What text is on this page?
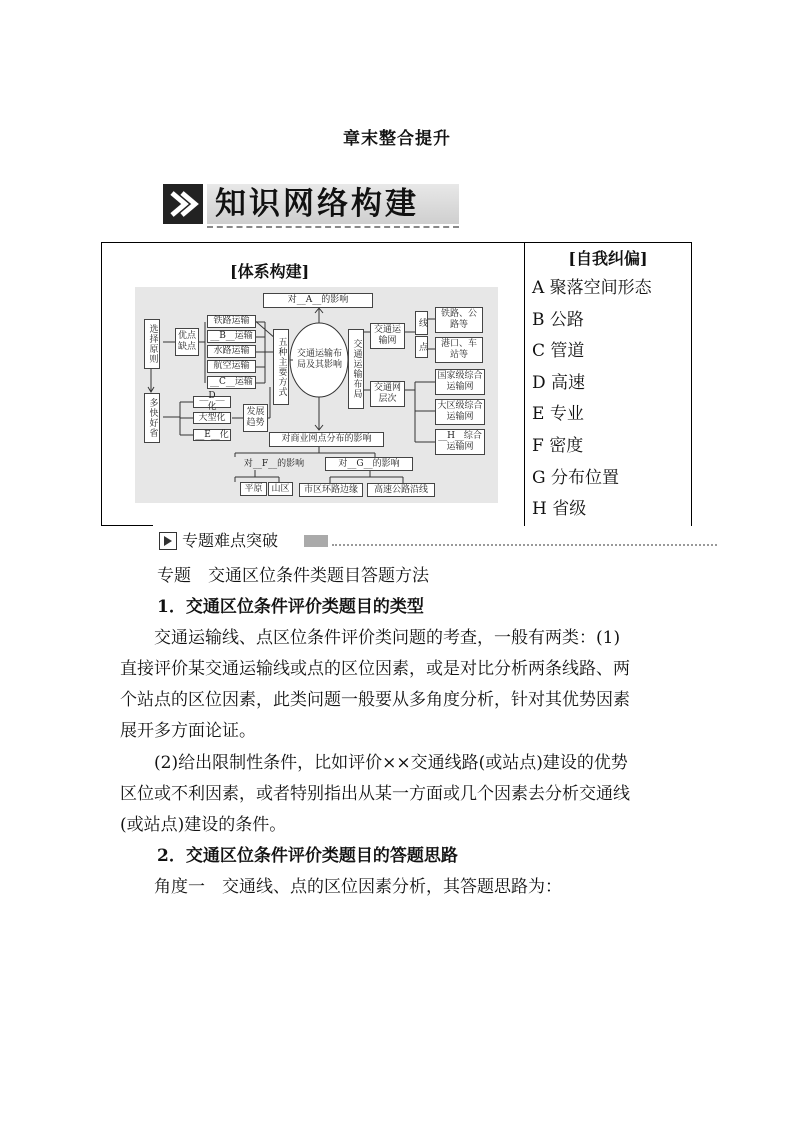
章末整合提升
知识网络构建
[体系构建]
[自我纠偏]
A 聚落空间形态
B 公路
C 管道
D 高速
E 专业
F 密度
G 分布位置
H 省级
对__A__的影响
交通运输布局及其影响
五种主要方式	交通运输布局
铁路运输
__B__运输
水路运输
航空运输
__C__运输
优点缺点
选择原则
多快好省
__D__化
大型化
__E__化
发展趋势
交通运输网
线
点
铁路、公路等
港口、车站等
交通网层次
国家级综合运输网
大区级综合运输网
__H__综合运输网
对商业网点分布的影响
对__F__的影响	对__G__的影响
平原 山区	市区环路边缘	高速公路沿线
专题难点突破
专题　交通区位条件类题目答题方法
1．交通区位条件评价类题目的类型
　　交通运输线、点区位条件评价类问题的考查，一般有两类：(1)
直接评价某交通运输线或点的区位因素，或是对比分析两条线路、两
个站点的区位因素，此类问题一般要从多角度分析，针对其优势因素
展开多方面论证。
　　(2)给出限制性条件，比如评价××交通线路(或站点)建设的优势
区位或不利因素，或者特别指出从某一方面或几个因素去分析交通线
(或站点)建设的条件。
2．交通区位条件评价类题目的答题思路
　　角度一　交通线、点的区位因素分析，其答题思路为：
